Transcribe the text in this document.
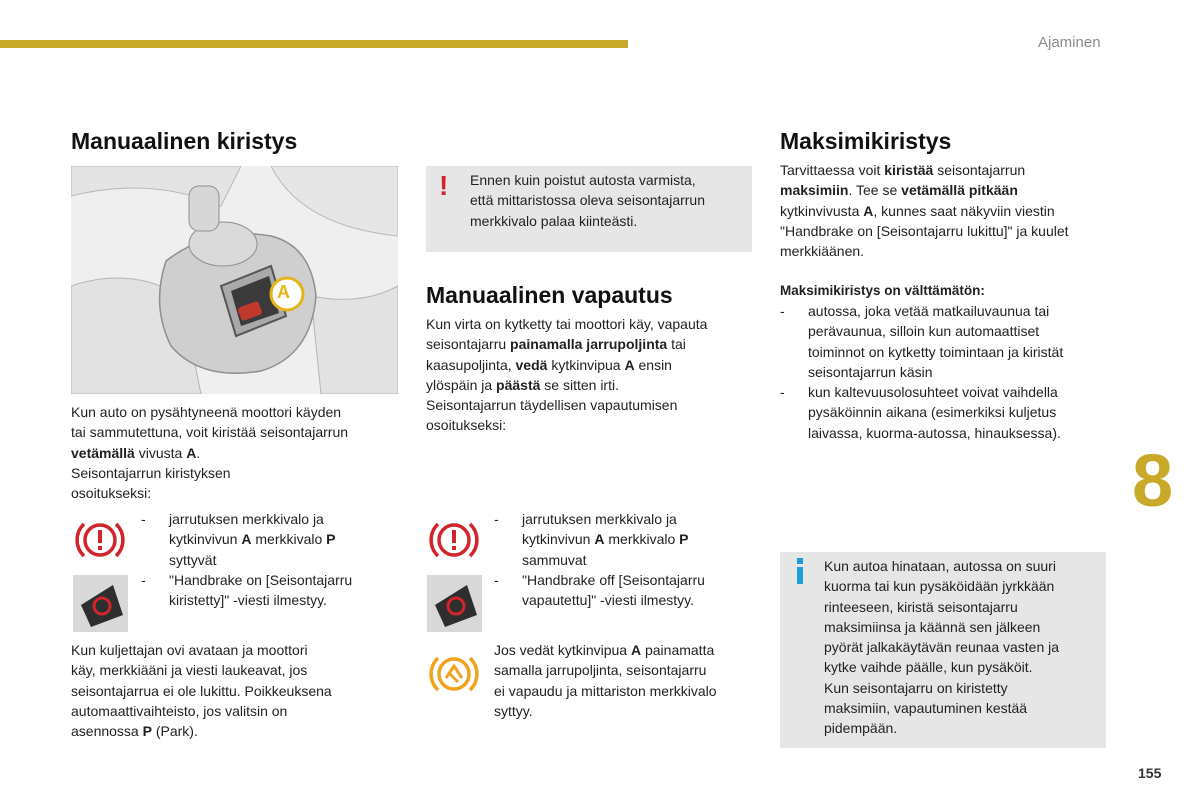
Ajaminen
Manuaalinen kiristys
A
Kun auto on pysähtyneenä moottori käyden
tai sammutettuna, voit kiristää seisontajarrun
vetämällä vivusta A.
Seisontajarrun kiristyksen
osoitukseksi:
- jarrutuksen merkkivalo ja
kytkinvivun A merkkivalo P
syttyvät
- "Handbrake on [Seisontajarru
kiristetty]" -viesti ilmestyy.
Kun kuljettajan ovi avataan ja moottori
käy, merkkiääni ja viesti laukeavat, jos
seisontajarrua ei ole lukittu. Poikkeuksena
automaattivaihteisto, jos valitsin on
asennossa P (Park).
! Ennen kuin poistut autosta varmista,
että mittaristossa oleva seisontajarrun
merkkivalo palaa kiinteästi.
Manuaalinen vapautus
Kun virta on kytketty tai moottori käy, vapauta
seisontajarru painamalla jarrupoljinta tai
kaasupoljinta, vedä kytkinvipua A ensin
ylöspäin ja päästä se sitten irti.
Seisontajarrun täydellisen vapautumisen
osoitukseksi:
- jarrutuksen merkkivalo ja
kytkinvivun A merkkivalo P
sammuvat
- "Handbrake off [Seisontajarru
vapautettu]" -viesti ilmestyy.
Jos vedät kytkinvipua A painamatta
samalla jarrupoljinta, seisontajarru
ei vapaudu ja mittariston merkkivalo
syttyy.
Maksimikiristys
Tarvittaessa voit kiristää seisontajarrun
maksimiin. Tee se vetämällä pitkään
kytkinvivusta A, kunnes saat näkyviin viestin
"Handbrake on [Seisontajarru lukittu]" ja kuulet
merkkiäänen.
Maksimikiristys on välttämätön:
- autossa, joka vetää matkailuvaunua tai
perävaunua, silloin kun automaattiset
toiminnot on kytketty toimintaan ja kiristät
seisontajarrun käsin
- kun kaltevuusolosuhteet voivat vaihdella
pysäköinnin aikana (esimerkiksi kuljetus
laivassa, kuorma-autossa, hinauksessa).
Kun autoa hinataan, autossa on suuri
kuorma tai kun pysäköidään jyrkkään
rinteeseen, kiristä seisontajarru
maksimiinsa ja käännä sen jälkeen
pyörät jalkakäytävän reunaa vasten ja
kytke vaihde päälle, kun pysäköit.
Kun seisontajarru on kiristetty
maksimiin, vapautuminen kestää
pidempään.
8
155
